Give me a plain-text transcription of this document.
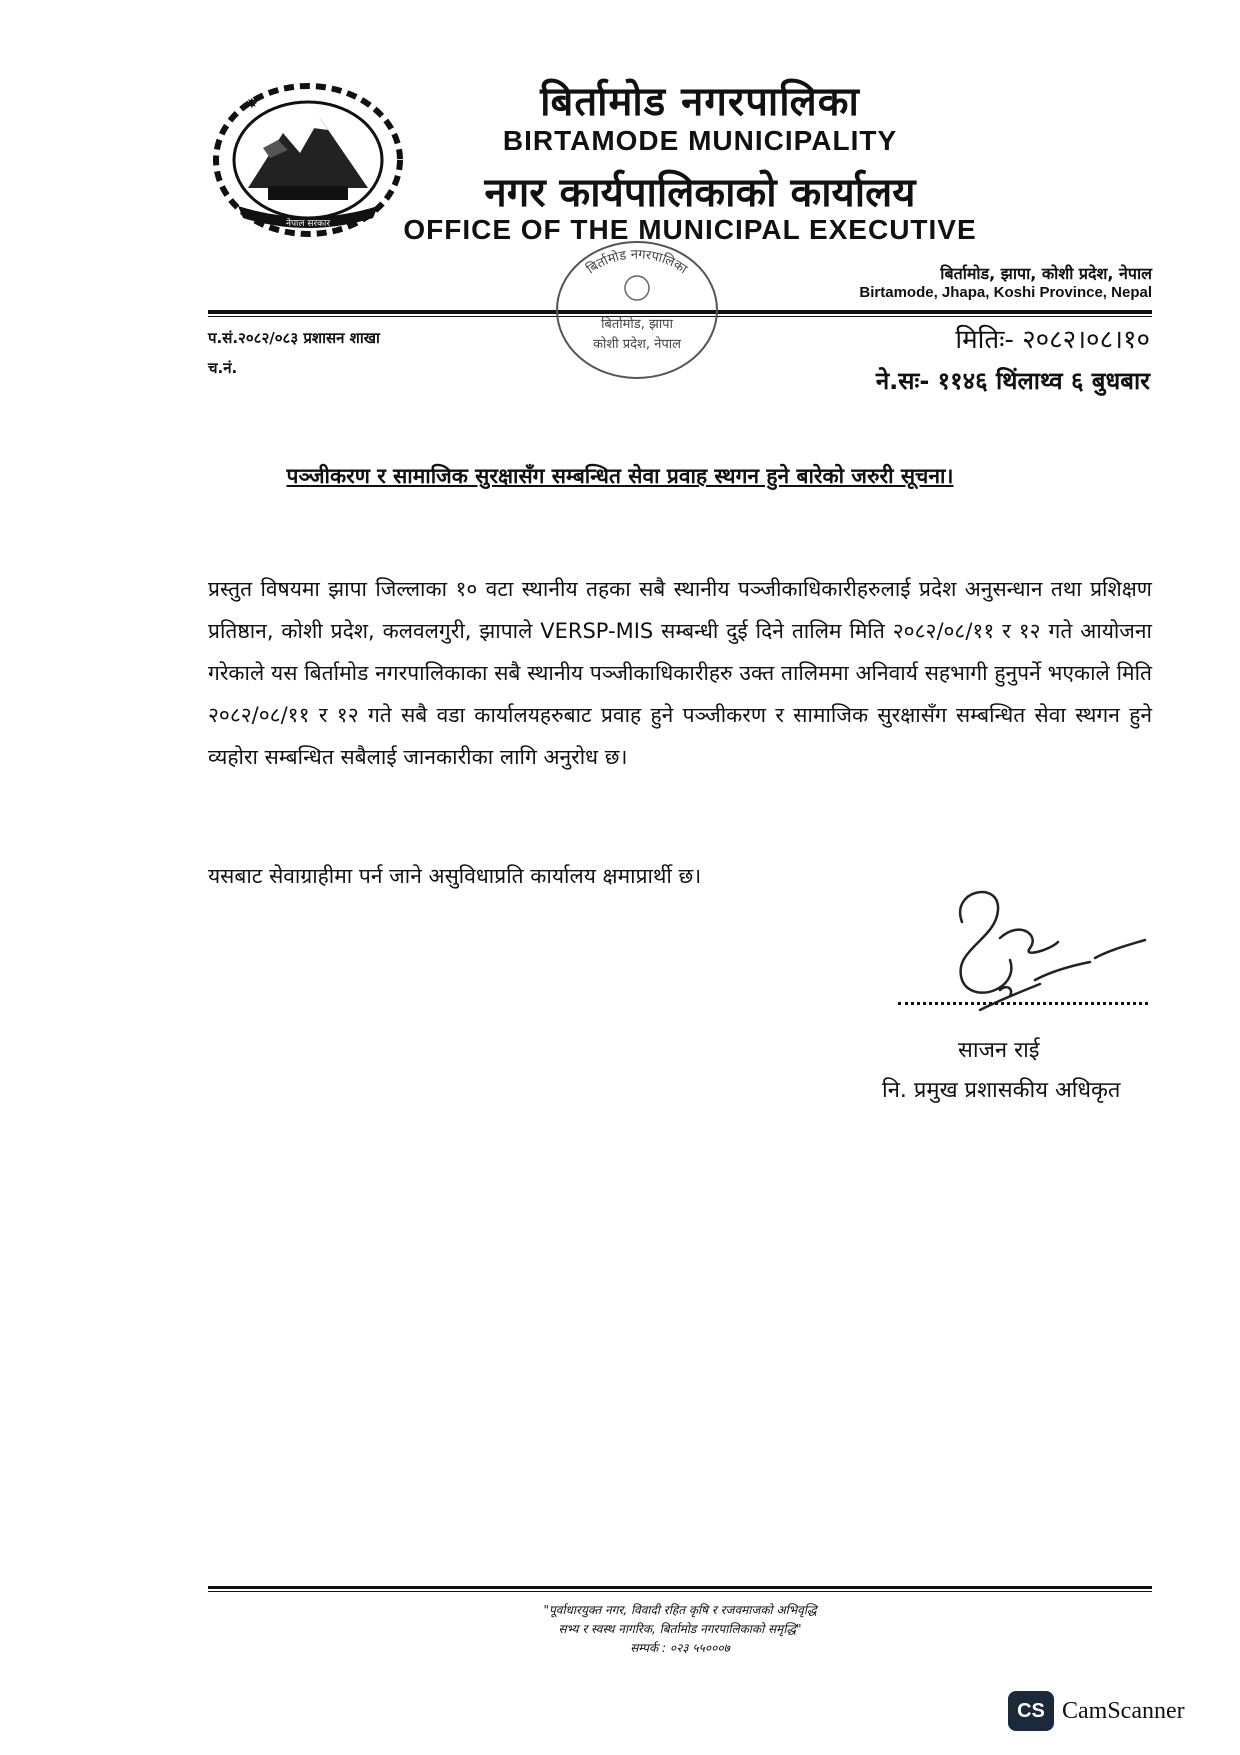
नेपाल सरकार
✸	बिर्तामोड नगरपालिका
BIRTAMODE MUNICIPALITY
नगर कार्यपालिकाको कार्यालय
OFFICE OF THE MUNICIPAL EXECUTIVE
बिर्तामोड, झापा, कोशी प्रदेश, नेपाल
Birtamode, Jhapa, Koshi Province, Nepal
बिर्तामोड नगरपालिका
बिर्तामोड, झापा
कोशी प्रदेश, नेपाल
प.सं.२०८२/०८३ प्रशासन शाखा
च.नं.
मितिः- २०८२।०८।१०
ने.सः- ११४६ थिंलाथ्व ६ बुधबार
पञ्जीकरण र सामाजिक सुरक्षासँग सम्बन्धित सेवा प्रवाह स्थगन हुने बारेको जरुरी सूचना।
प्रस्तुत विषयमा झापा जिल्लाका १० वटा स्थानीय तहका सबै स्थानीय पञ्जीकाधिकारीहरुलाई प्रदेश अनुसन्धान तथा प्रशिक्षण प्रतिष्ठान, कोशी प्रदेश, कलवलगुरी, झापाले VERSP-MIS सम्बन्धी दुई दिने तालिम मिति २०८२/०८/११ र १२ गते आयोजना गरेकाले यस बिर्तामोड नगरपालिकाका सबै स्थानीय पञ्जीकाधिकारीहरु उक्त तालिममा अनिवार्य सहभागी हुनुपर्ने भएकाले मिति २०८२/०८/११ र १२ गते सबै वडा कार्यालयहरुबाट प्रवाह हुने पञ्जीकरण र सामाजिक सुरक्षासँग सम्बन्धित सेवा स्थगन हुने व्यहोरा सम्बन्धित सबैलाई जानकारीका लागि अनुरोध छ।
यसबाट सेवाग्राहीमा पर्न जाने असुविधाप्रति कार्यालय क्षमाप्रार्थी छ।
साजन राई
नि. प्रमुख प्रशासकीय अधिकृत
"पूर्वाधारयुक्त नगर, विवादी रहित कृषि र रजवमाजको अभिवृद्धि
सभ्य र स्वस्थ नागरिक, बिर्तामोड नगरपालिकाको समृद्धि"
सम्पर्क : ०२३ ५५०००७
CS CamScanner
